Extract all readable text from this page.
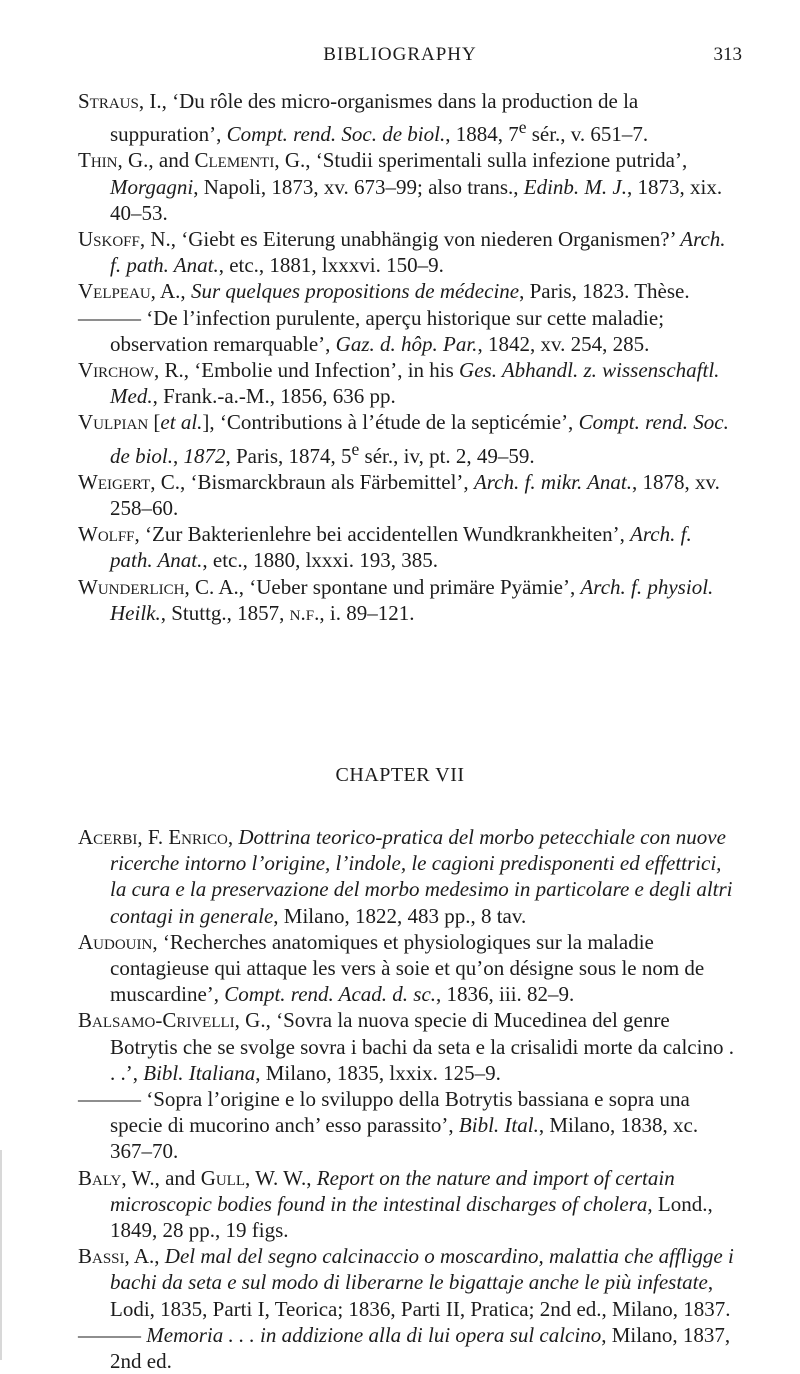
BIBLIOGRAPHY	313

Straus, I., ‘Du rôle des micro-organismes dans la production de la suppuration’, Compt. rend. Soc. de biol., 1884, 7e sér., v. 651–7.

Thin, G., and Clementi, G., ‘Studii sperimentali sulla infezione putrida’, Morgagni, Napoli, 1873, xv. 673–99; also trans., Edinb. M. J., 1873, xix. 40–53.

Uskoff, N., ‘Giebt es Eiterung unabhängig von niederen Organismen?’ Arch. f. path. Anat., etc., 1881, lxxxvi. 150–9.

Velpeau, A., Sur quelques propositions de médecine, Paris, 1823. Thèse.

——— ‘De l’infection purulente, aperçu historique sur cette maladie; observation remarquable’, Gaz. d. hôp. Par., 1842, xv. 254, 285.

Virchow, R., ‘Embolie und Infection’, in his Ges. Abhandl. z. wissenschaftl. Med., Frank.-a.-M., 1856, 636 pp.

Vulpian [et al.], ‘Contributions à l’étude de la septicémie’, Compt. rend. Soc. de biol., 1872, Paris, 1874, 5e sér., iv, pt. 2, 49–59.

Weigert, C., ‘Bismarckbraun als Färbemittel’, Arch. f. mikr. Anat., 1878, xv. 258–60.

Wolff, ‘Zur Bakterienlehre bei accidentellen Wundkrankheiten’, Arch. f. path. Anat., etc., 1880, lxxxi. 193, 385.

Wunderlich, C. A., ‘Ueber spontane und primäre Pyämie’, Arch. f. physiol. Heilk., Stuttg., 1857, n.f., i. 89–121.

CHAPTER VII

Acerbi, F. Enrico, Dottrina teorico-pratica del morbo petecchiale con nuove ricerche intorno l’origine, l’indole, le cagioni predisponenti ed effettrici, la cura e la preservazione del morbo medesimo in particolare e degli altri contagi in generale, Milano, 1822, 483 pp., 8 tav.

Audouin, ‘Recherches anatomiques et physiologiques sur la maladie contagieuse qui attaque les vers à soie et qu’on désigne sous le nom de muscardine’, Compt. rend. Acad. d. sc., 1836, iii. 82–9.

Balsamo-Crivelli, G., ‘Sovra la nuova specie di Mucedinea del genre Botrytis che se svolge sovra i bachi da seta e la crisalidi morte da calcino . . .’, Bibl. Italiana, Milano, 1835, lxxix. 125–9.

——— ‘Sopra l’origine e lo sviluppo della Botrytis bassiana e sopra una specie di mucorino anch’ esso parassito’, Bibl. Ital., Milano, 1838, xc. 367–70.

Baly, W., and Gull, W. W., Report on the nature and import of certain microscopic bodies found in the intestinal discharges of cholera, Lond., 1849, 28 pp., 19 figs.

Bassi, A., Del mal del segno calcinaccio o moscardino, malattia che affligge i bachi da seta e sul modo di liberarne le bigattaje anche le più infestate, Lodi, 1835, Parti I, Teorica; 1836, Parti II, Pratica; 2nd ed., Milano, 1837.

——— Memoria . . . in addizione alla di lui opera sul calcino, Milano, 1837, 2nd ed.
